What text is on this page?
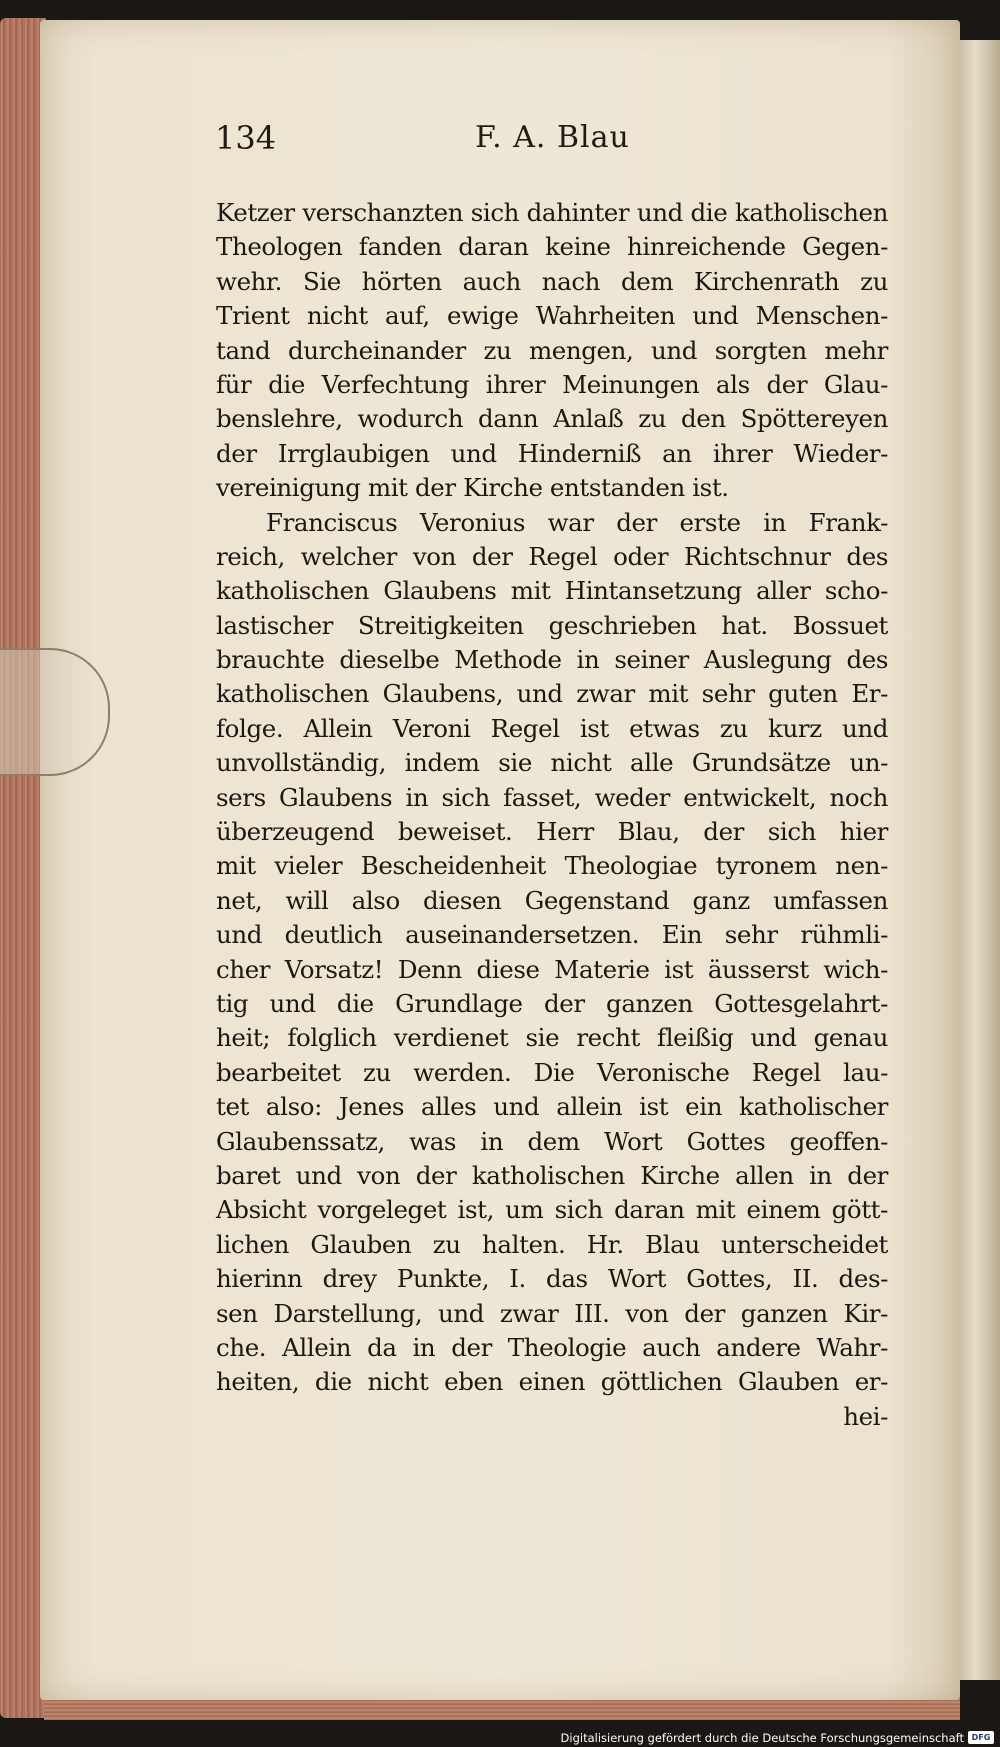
134	F. A. Blau
Ketzer verschanzten sich dahinter und die katholischen
Theologen fanden daran keine hinreichende Gegen-
wehr. Sie hörten auch nach dem Kirchenrath zu
Trient nicht auf, ewige Wahrheiten und Menschen-
tand durcheinander zu mengen, und sorgten mehr
für die Verfechtung ihrer Meinungen als der Glau-
benslehre, wodurch dann Anlaß zu den Spöttereyen
der Irrglaubigen und Hinderniß an ihrer Wieder-
vereinigung mit der Kirche entstanden ist.
Franciscus Veronius war der erste in Frank-
reich, welcher von der Regel oder Richtschnur des
katholischen Glaubens mit Hintansetzung aller scho-
lastischer Streitigkeiten geschrieben hat. Bossuet
brauchte dieselbe Methode in seiner Auslegung des
katholischen Glaubens, und zwar mit sehr guten Er-
folge. Allein Veroni Regel ist etwas zu kurz und
unvollständig, indem sie nicht alle Grundsätze un-
sers Glaubens in sich fasset, weder entwickelt, noch
überzeugend beweiset. Herr Blau, der sich hier
mit vieler Bescheidenheit Theologiae tyronem nen-
net, will also diesen Gegenstand ganz umfassen
und deutlich auseinandersetzen. Ein sehr rühmli-
cher Vorsatz! Denn diese Materie ist äusserst wich-
tig und die Grundlage der ganzen Gottesgelahrt-
heit; folglich verdienet sie recht fleißig und genau
bearbeitet zu werden. Die Veronische Regel lau-
tet also: Jenes alles und allein ist ein katholischer
Glaubenssatz, was in dem Wort Gottes geoffen-
baret und von der katholischen Kirche allen in der
Absicht vorgeleget ist, um sich daran mit einem gött-
lichen Glauben zu halten. Hr. Blau unterscheidet
hierinn drey Punkte, I. das Wort Gottes, II. des-
sen Darstellung, und zwar III. von der ganzen Kir-
che. Allein da in der Theologie auch andere Wahr-
heiten, die nicht eben einen göttlichen Glauben er-
hei-
Digitalisierung gefördert durch die Deutsche Forschungsgemeinschaft DFG
